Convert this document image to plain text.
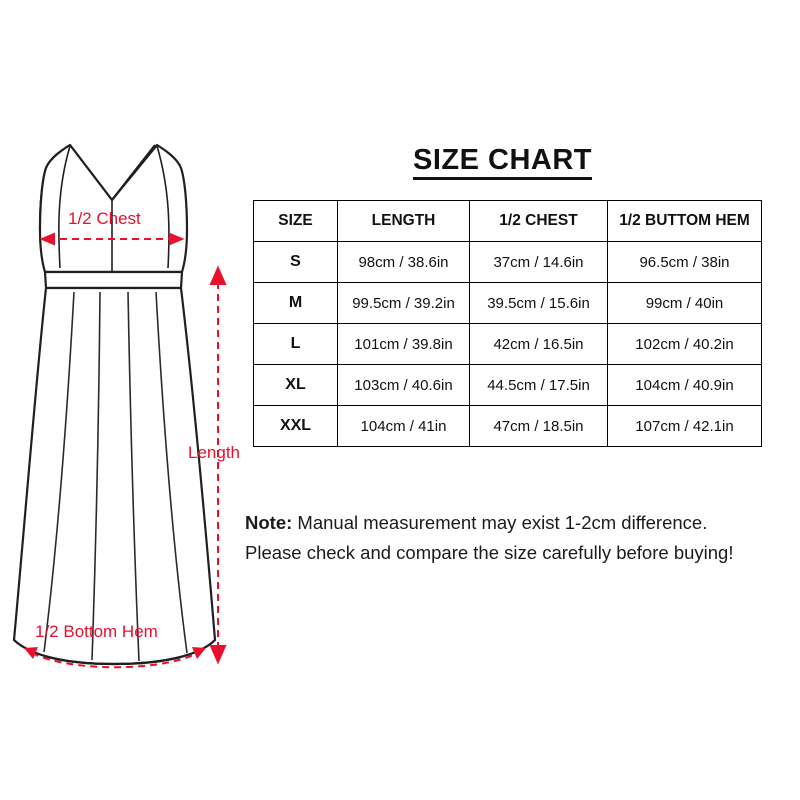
1/2 Chest
1/2 Bottom Hem
Length
SIZE CHART
SIZE	LENGTH	1/2 CHEST	1/2 BUTTOM HEM
S	98cm / 38.6in	37cm / 14.6in	96.5cm / 38in
M	99.5cm / 39.2in	39.5cm / 15.6in	99cm / 40in
L	101cm / 39.8in	42cm / 16.5in	102cm / 40.2in
XL	103cm / 40.6in	44.5cm / 17.5in	104cm / 40.9in
XXL	104cm / 41in	47cm / 18.5in	107cm / 42.1in
Note: Manual measurement may exist 1-2cm difference.
Please check and compare the size carefully before buying!
